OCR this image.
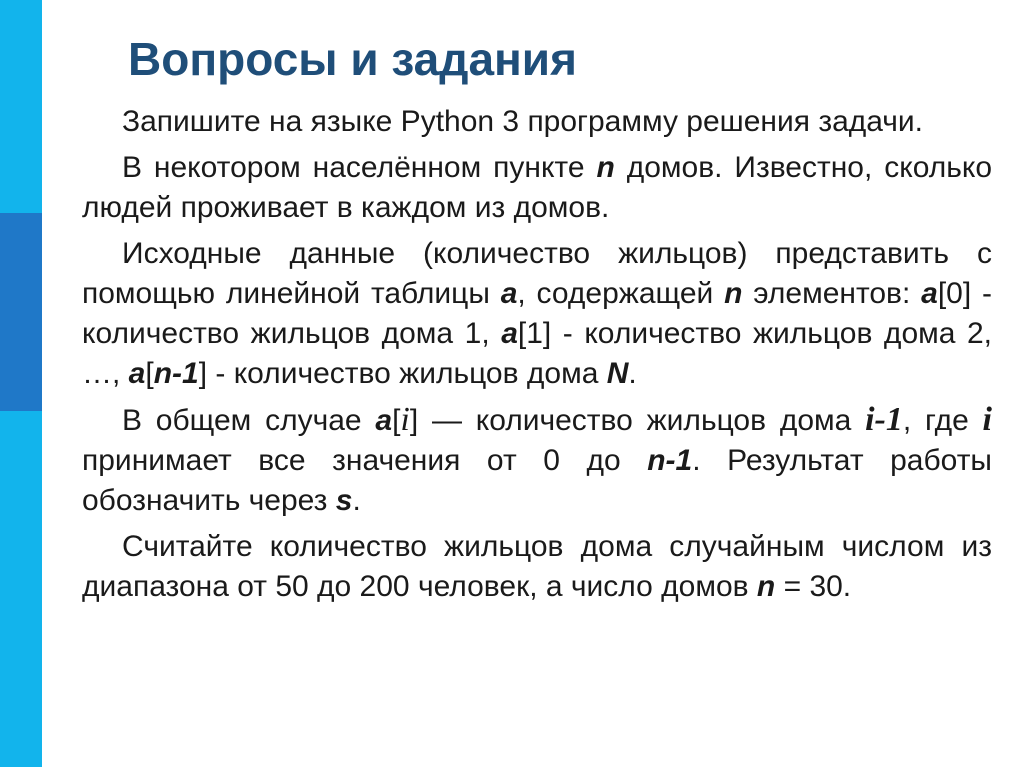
Вопросы и задания

Запишите на языке Python 3 программу решения задачи.

В некотором населённом пункте n домов. Известно, сколько людей проживает в каждом из домов.

Исходные данные (количество жильцов) представить с помощью линейной таблицы a, содержащей n элементов: a[0] - количество жильцов дома 1, a[1] - количество жильцов дома 2, …, a[n-1] - количество жильцов дома N.

В общем случае a[i] — количество жильцов дома i-1, где i принимает все значения от 0 до n-1. Результат работы обозначить через s.

Считайте количество жильцов дома случайным числом из диапазона от 50 до 200 человек, а число домов n = 30.
